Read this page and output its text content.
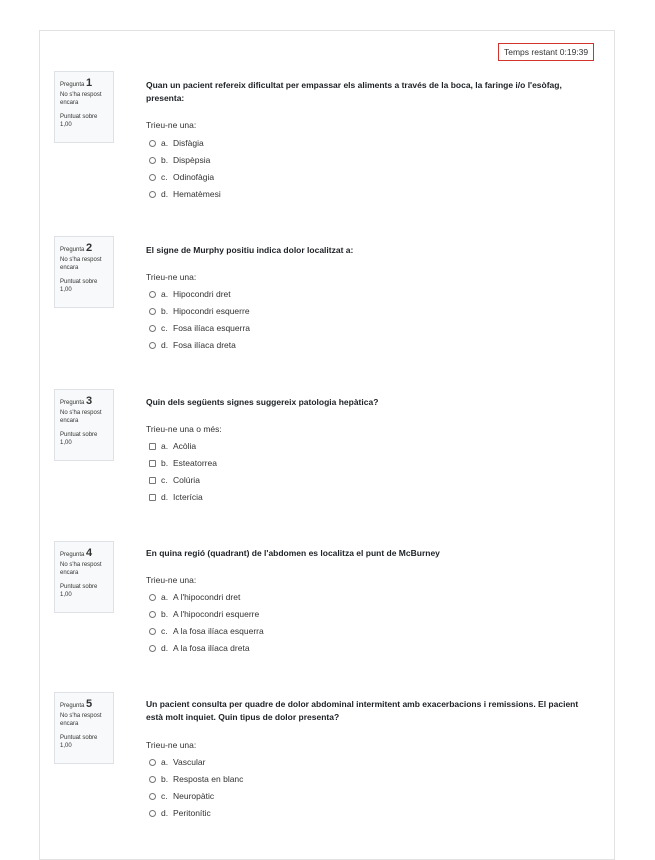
Temps restant 0:19:39
Pregunta 1
No s'ha respost encara
Puntuat sobre 1,00
Quan un pacient refereix dificultat per empassar els aliments a través de la boca, la faringe i/o l'esòfag, presenta:
Trieu-ne una:
a. Disfàgia
b. Dispèpsia
c. Odinofàgia
d. Hematèmesi
Pregunta 2
No s'ha respost encara
Puntuat sobre 1,00
El signe de Murphy positiu indica dolor localitzat a:
Trieu-ne una:
a. Hipocondri dret
b. Hipocondri esquerre
c. Fosa ilíaca esquerra
d. Fosa ilíaca dreta
Pregunta 3
No s'ha respost encara
Puntuat sobre 1,00
Quin dels següents signes suggereix patologia hepàtica?
Trieu-ne una o més:
a. Acòlia
b. Esteatorrea
c. Colúria
d. Icterícia
Pregunta 4
No s'ha respost encara
Puntuat sobre 1,00
En quina regió (quadrant) de l'abdomen es localitza el punt de McBurney
Trieu-ne una:
a. A l'hipocondri dret
b. A l'hipocondri esquerre
c. A la fosa ilíaca esquerra
d. A la fosa ilíaca dreta
Pregunta 5
No s'ha respost encara
Puntuat sobre 1,00
Un pacient consulta per quadre de dolor abdominal intermitent amb exacerbacions i remissions. El pacient està molt inquiet. Quin tipus de dolor presenta?
Trieu-ne una:
a. Vascular
b. Resposta en blanc
c. Neuropàtic
d. Peritonític
